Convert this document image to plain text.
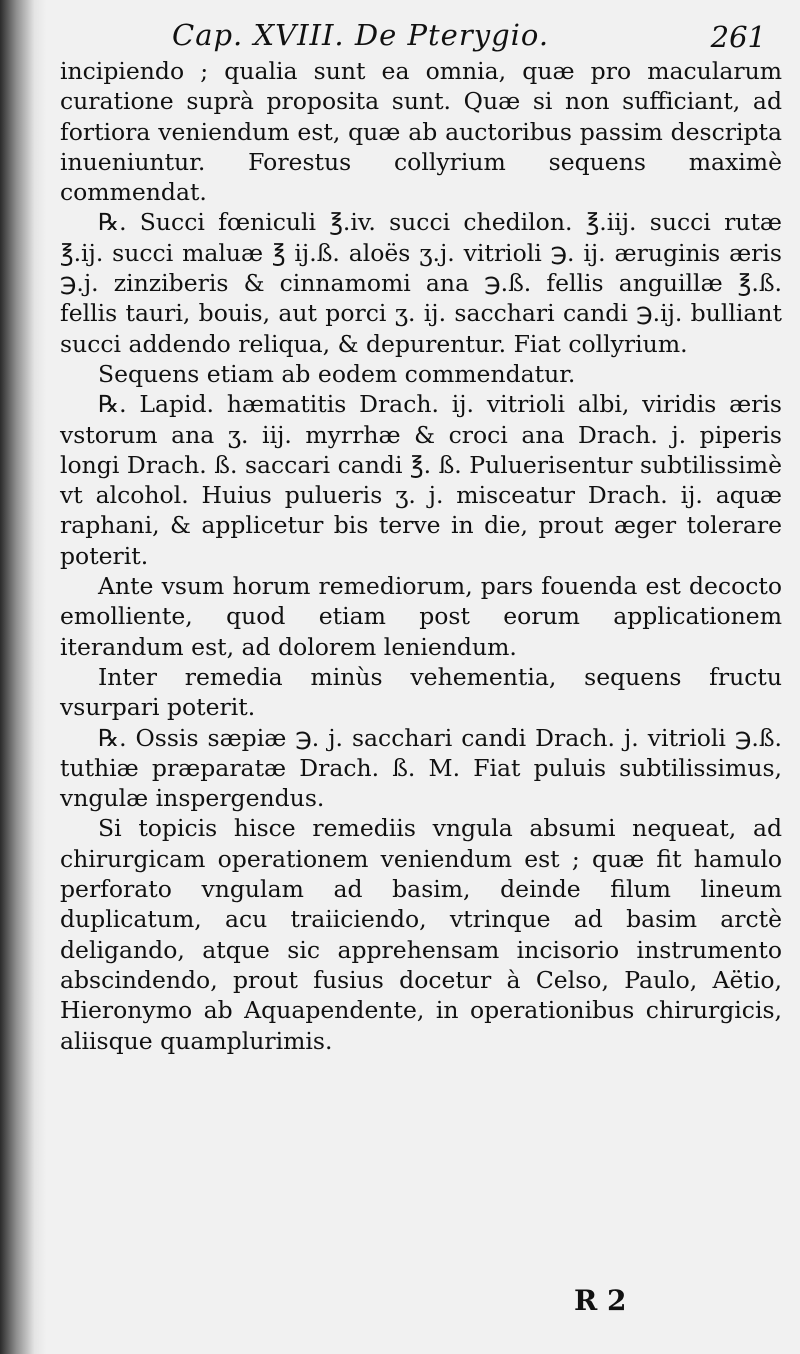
Cap. XVIII. De Pterygio.	261

incipiendo ; qualia sunt ea omnia, quæ pro macularum curatione suprà proposita sunt. Quæ si non sufficiant, ad fortiora veniendum est, quæ ab auctoribus passim descripta inueniuntur. Forestus collyrium sequens maximè commendat.

℞. Succi fœniculi ℥.iv. succi chedilon. ℥.iij. succi rutæ ℥.ij. succi maluæ ℥ ij.ß. aloës ʒ.j. vitrioli ℈. ij. æruginis æris ℈.j. zinziberis & cinnamomi ana ℈.ß. fellis anguillæ ℥.ß. fellis tauri, bouis, aut porci ʒ. ij. sacchari candi ℈.ij. bulliant succi addendo reliqua, & depurentur. Fiat collyrium.

Sequens etiam ab eodem commendatur.

℞. Lapid. hæmatitis Drach. ij. vitrioli albi, viridis æris vstorum ana ʒ. iij. myrrhæ & croci ana Drach. j. piperis longi Drach. ß. saccari candi ℥. ß. Puluerisentur subtilissimè vt alcohol. Huius pulueris ʒ. j. misceatur Drach. ij. aquæ raphani, & applicetur bis terve in die, prout æger tolerare poterit.

Ante vsum horum remediorum, pars fouenda est decocto emolliente, quod etiam post eorum applicationem iterandum est, ad dolorem leniendum.

Inter remedia minùs vehementia, sequens fructu vsurpari poterit.

℞. Ossis sæpiæ ℈. j. sacchari candi Drach. j. vitrioli ℈.ß. tuthiæ præparatæ Drach. ß. M. Fiat puluis subtilissimus, vngulæ inspergendus.

Si topicis hisce remediis vngula absumi nequeat, ad chirurgicam operationem veniendum est ; quæ fit hamulo perforato vngulam ad basim, deinde filum lineum duplicatum, acu traiiciendo, vtrinque ad basim arctè deligando, atque sic apprehensam incisorio instrumento abscindendo, prout fusius docetur à Celso, Paulo, Aëtio, Hieronymo ab Aquapendente, in operationibus chirurgicis, aliisque quamplurimis.

R 2
